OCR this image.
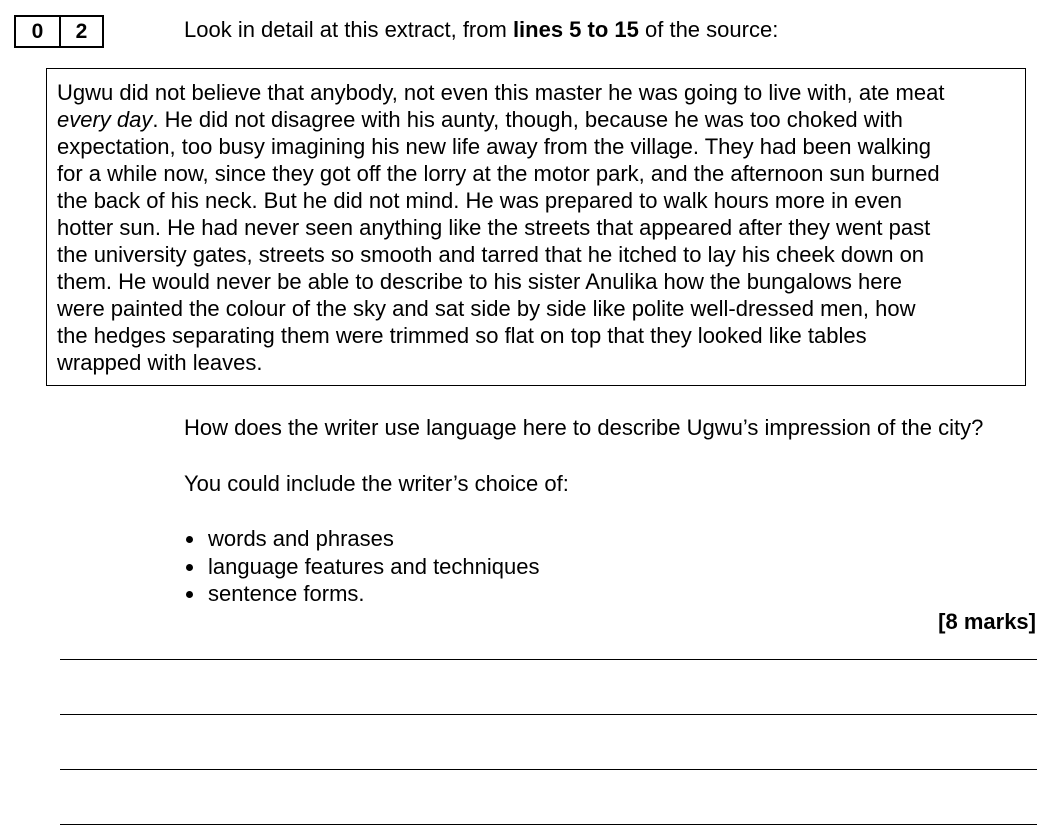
0	2	Look in detail at this extract, from lines 5 to 15 of the source:
Ugwu did not believe that anybody, not even this master he was going to live with, ate meat
every day. He did not disagree with his aunty, though, because he was too choked with
expectation, too busy imagining his new life away from the village. They had been walking
for a while now, since they got off the lorry at the motor park, and the afternoon sun burned
the back of his neck. But he did not mind. He was prepared to walk hours more in even
hotter sun. He had never seen anything like the streets that appeared after they went past
the university gates, streets so smooth and tarred that he itched to lay his cheek down on
them. He would never be able to describe to his sister Anulika how the bungalows here
were painted the colour of the sky and sat side by side like polite well-dressed men, how
the hedges separating them were trimmed so flat on top that they looked like tables
wrapped with leaves.
How does the writer use language here to describe Ugwu’s impression of the city?
You could include the writer’s choice of:
words and phrases
language features and techniques
sentence forms.
[8 marks]
